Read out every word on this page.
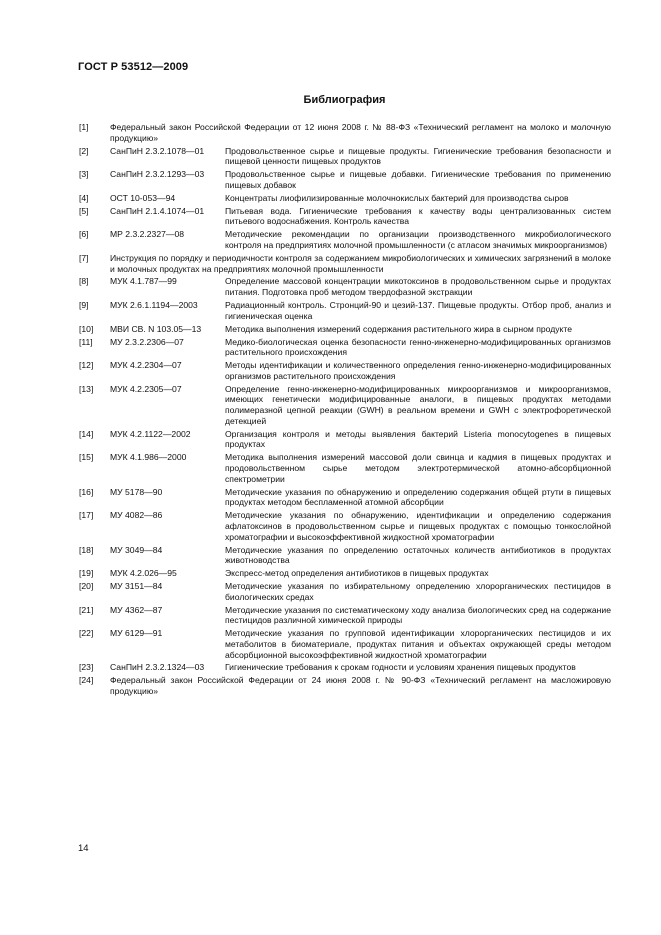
ГОСТ Р 53512—2009
Библиография
[1]	Федеральный закон Российской Федерации от 12 июня 2008 г. № 88-ФЗ «Технический регламент на молоко и молочную продукцию»
[2]	СанПиН 2.3.2.1078—01	Продовольственное сырье и пищевые продукты. Гигиенические требования безопасности и пищевой ценности пищевых продуктов
[3]	СанПиН 2.3.2.1293—03	Продовольственное сырье и пищевые добавки. Гигиенические требования по применению пищевых добавок
[4]	ОСТ 10-053—94	Концентраты лиофилизированные молочнокислых бактерий для производства сыров
[5]	СанПиН 2.1.4.1074—01	Питьевая вода. Гигиенические требования к качеству воды централизованных систем питьевого водоснабжения. Контроль качества
[6]	МР 2.3.2.2327—08	Методические рекомендации по организации производственного микробиологического контроля на предприятиях молочной промышленности (с атласом значимых микроорганизмов)
[7]	Инструкция по порядку и периодичности контроля за содержанием микробиологических и химических загрязнений в молоке и молочных продуктах на предприятиях молочной промышленности
[8]	МУК 4.1.787—99	Определение массовой концентрации микотоксинов в продовольственном сырье и продуктах питания. Подготовка проб методом твердофазной экстракции
[9]	МУК 2.6.1.1194—2003	Радиационный контроль. Стронций-90 и цезий-137. Пищевые продукты. Отбор проб, анализ и гигиеническая оценка
[10]	МВИ СВ. N 103.05—13	Методика выполнения измерений содержания растительного жира в сырном продукте
[11]	МУ 2.3.2.2306—07	Медико-биологическая оценка безопасности генно-инженерно-модифицированных организмов растительного происхождения
[12]	МУК 4.2.2304—07	Методы идентификации и количественного определения генно-инженерно-модифицированных организмов растительного происхождения
[13]	МУК 4.2.2305—07	Определение генно-инженерно-модифицированных микроорганизмов и микроорганизмов, имеющих генетически модифицированные аналоги, в пищевых продуктах методами полимеразной цепной реакции (GWH) в реальном времени и GWH с электрофоретической детекцией
[14]	МУК 4.2.1122—2002	Организация контроля и методы выявления бактерий Listeria monocytogenes в пищевых продуктах
[15]	МУК 4.1.986—2000	Методика выполнения измерений массовой доли свинца и кадмия в пищевых продуктах и продовольственном сырье методом электротермической атомно-абсорбционной спектрометрии
[16]	МУ 5178—90	Методические указания по обнаружению и определению содержания общей ртути в пищевых продуктах методом беспламенной атомной абсорбции
[17]	МУ 4082—86	Методические указания по обнаружению, идентификации и определению содержания афлатоксинов в продовольственном сырье и пищевых продуктах с помощью тонкослойной хроматографии и высокоэффективной жидкостной хроматографии
[18]	МУ 3049—84	Методические указания по определению остаточных количеств антибиотиков в продуктах животноводства
[19]	МУК 4.2.026—95	Экспресс-метод определения антибиотиков в пищевых продуктах
[20]	МУ 3151—84	Методические указания по избирательному определению хлорорганических пестицидов в биологических средах
[21]	МУ 4362—87	Методические указания по систематическому ходу анализа биологических сред на содержание пестицидов различной химической природы
[22]	МУ 6129—91	Методические указания по групповой идентификации хлорорганических пестицидов и их метаболитов в биоматериале, продуктах питания и объектах окружающей среды методом абсорбционной высокоэффективной жидкостной хроматографии
[23]	СанПиН 2.3.2.1324—03	Гигиенические требования к срокам годности и условиям хранения пищевых продуктов
[24]	Федеральный закон Российской Федерации от 24 июня 2008 г. № 90-ФЗ «Технический регламент на масложировую продукцию»
14
